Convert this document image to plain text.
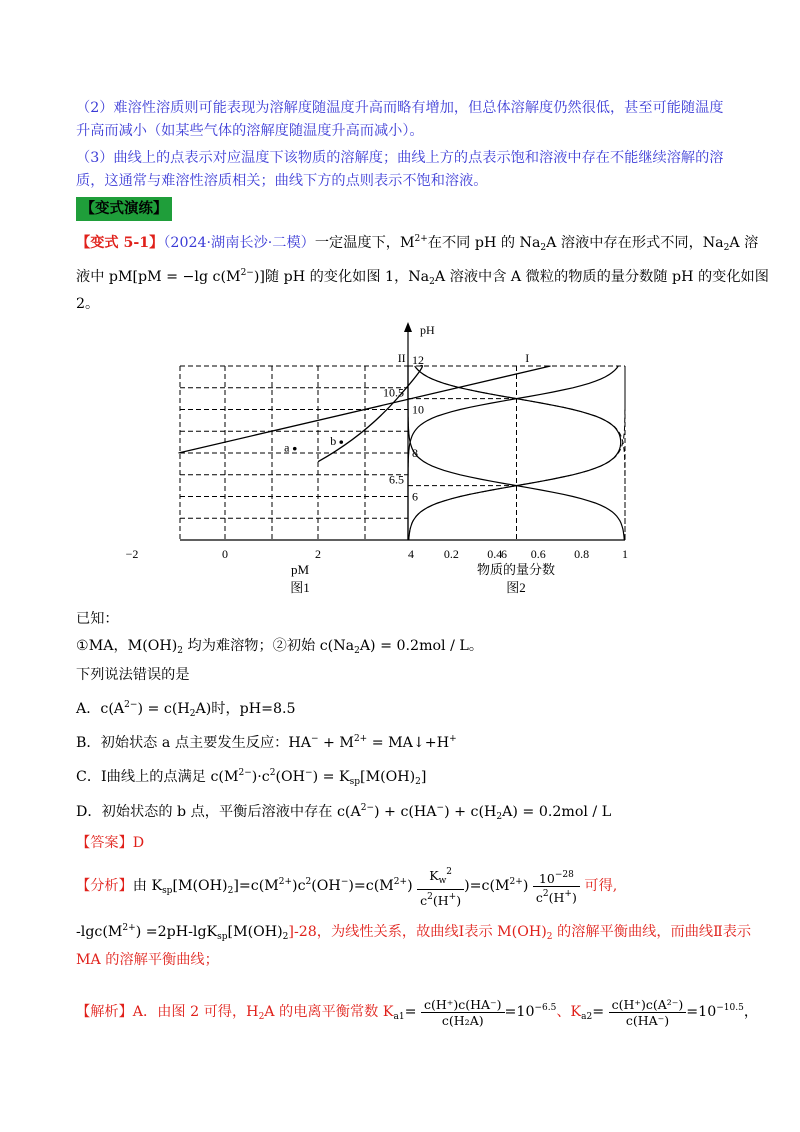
（2）难溶性溶质则可能表现为溶解度随温度升高而略有增加，但总体溶解度仍然很低，甚至可能随温度
升高而减小（如某些气体的溶解度随温度升高而减小）。
（3）曲线上的点表示对应温度下该物质的溶解度；曲线上方的点表示饱和溶液中存在不能继续溶解的溶
质，这通常与难溶性溶质相关；曲线下方的点则表示不饱和溶液。
【变式演练】
【变式 5-1】（2024·湖南长沙·二模）一定温度下，$M^{2+}$在不同 pH 的 $Na_2A$ 溶液中存在形式不同，$Na_2A$ 溶
液中 pM[pM = −lg $c(M^{2-})$]随 pH 的变化如图 1，$Na_2A$ 溶液中含 A 微粒的物质的量分数随 pH 的变化如图
2。
pH
I
II
a	b
−2	0	2	4	6
pM
图1
0.2 0.4 0.6 0.8	1
物质的量分数
图2
6
6.5
8
10
10.5
12
已知：
①MA，$M(OH)_2$ 均为难溶物；②初始 $c(Na_2A) = 0.2mol / L$。
下列说法错误的是
A．$c(A^{2-}) = c(H_2A)$时，pH=8.5
B．初始状态 a 点主要发生反应：$HA^- + M^{2+}$ = MA↓+H+
C．Ⅰ曲线上的点满足 $c(M^{2-})\cdot c^2(OH^-) = K_{sp}[M(OH)_2]$
D．初始状态的 b 点，平衡后溶液中存在 $c(A^{2-}) + c(HA^-) + c(H_2A) = 0.2mol / L$
【答案】D
【分析】由 $K_{sp}[M(OH)_2]=c(M^{2+})c^2(OH^-)=c(M^{2+}) \frac{K_w^2}{c^2(H^+)} )=c(M^{2+}) \frac{10^{-28}}{c^2(H^+)}$ 可得,
$-\lg c(M^{2+}) =2pH-\lg K_{sp}[M(OH)_2]-28$，为线性关系，故曲线Ⅰ表示 $M(OH)_2$ 的溶解平衡曲线，而曲线Ⅱ表示
MA 的溶解平衡曲线；
【解析】A．由图 2 可得，$H_2A$ 的电离平衡常数 $K_{a1}= \frac{c(H^+)c(HA^-)}{\text{c(H₂A)}} =10^{-6.5}$、$K_{a2}= \frac{\text{c(H⁺)c(A²⁻)}}{c(HA^-)} =10^{-10.5}$，
